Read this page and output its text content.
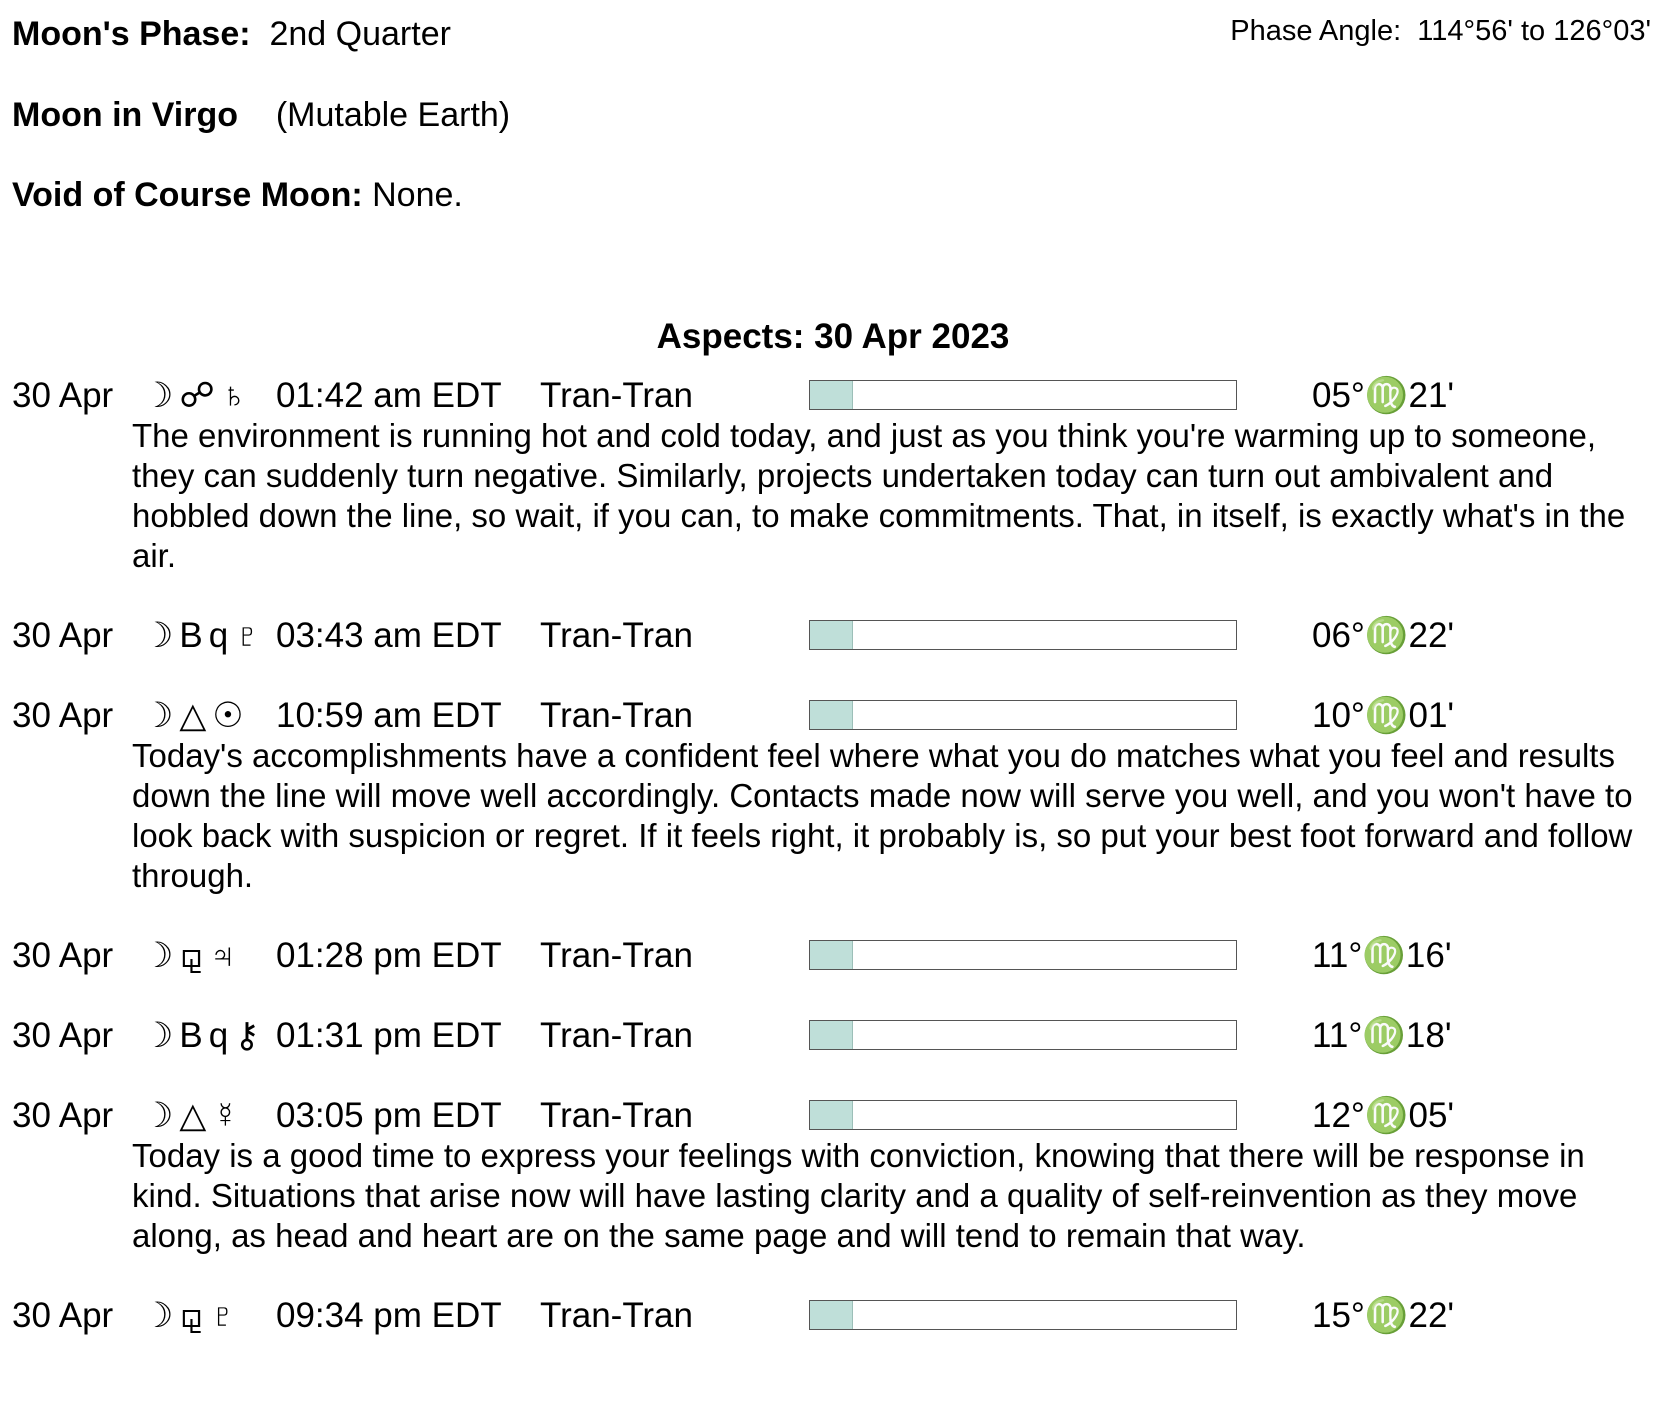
Moon's Phase: 2nd Quarter	Phase Angle: 114°56' to 126°03'
Moon in Virgo (Mutable Earth)
Void of Course Moon: None.
Aspects: 30 Apr 2023
30 Apr ☽☍♄ 01:42 am EDT Tran-Tran	05°♍21'
The environment is running hot and cold today, and just as you think you're warming up to someone, they can suddenly turn negative. Similarly, projects undertaken today can turn out ambivalent and hobbled down the line, so wait, if you can, to make commitments. That, in itself, is exactly what's in the air.
30 Apr ☽Bq♇ 03:43 am EDT Tran-Tran	06°♍22'
30 Apr ☽△☉ 10:59 am EDT Tran-Tran	10°♍01'
Today's accomplishments have a confident feel where what you do matches what you feel and results down the line will move well accordingly. Contacts made now will serve you well, and you won't have to look back with suspicion or regret. If it feels right, it probably is, so put your best foot forward and follow through.
30 Apr ☽⚼♃ 01:28 pm EDT Tran-Tran	11°♍16'
30 Apr ☽Bq⚷ 01:31 pm EDT Tran-Tran	11°♍18'
30 Apr ☽△☿ 03:05 pm EDT Tran-Tran	12°♍05'
Today is a good time to express your feelings with conviction, knowing that there will be response in kind. Situations that arise now will have lasting clarity and a quality of self-reinvention as they move along, as head and heart are on the same page and will tend to remain that way.
30 Apr ☽⚼♇ 09:34 pm EDT Tran-Tran	15°♍22'
